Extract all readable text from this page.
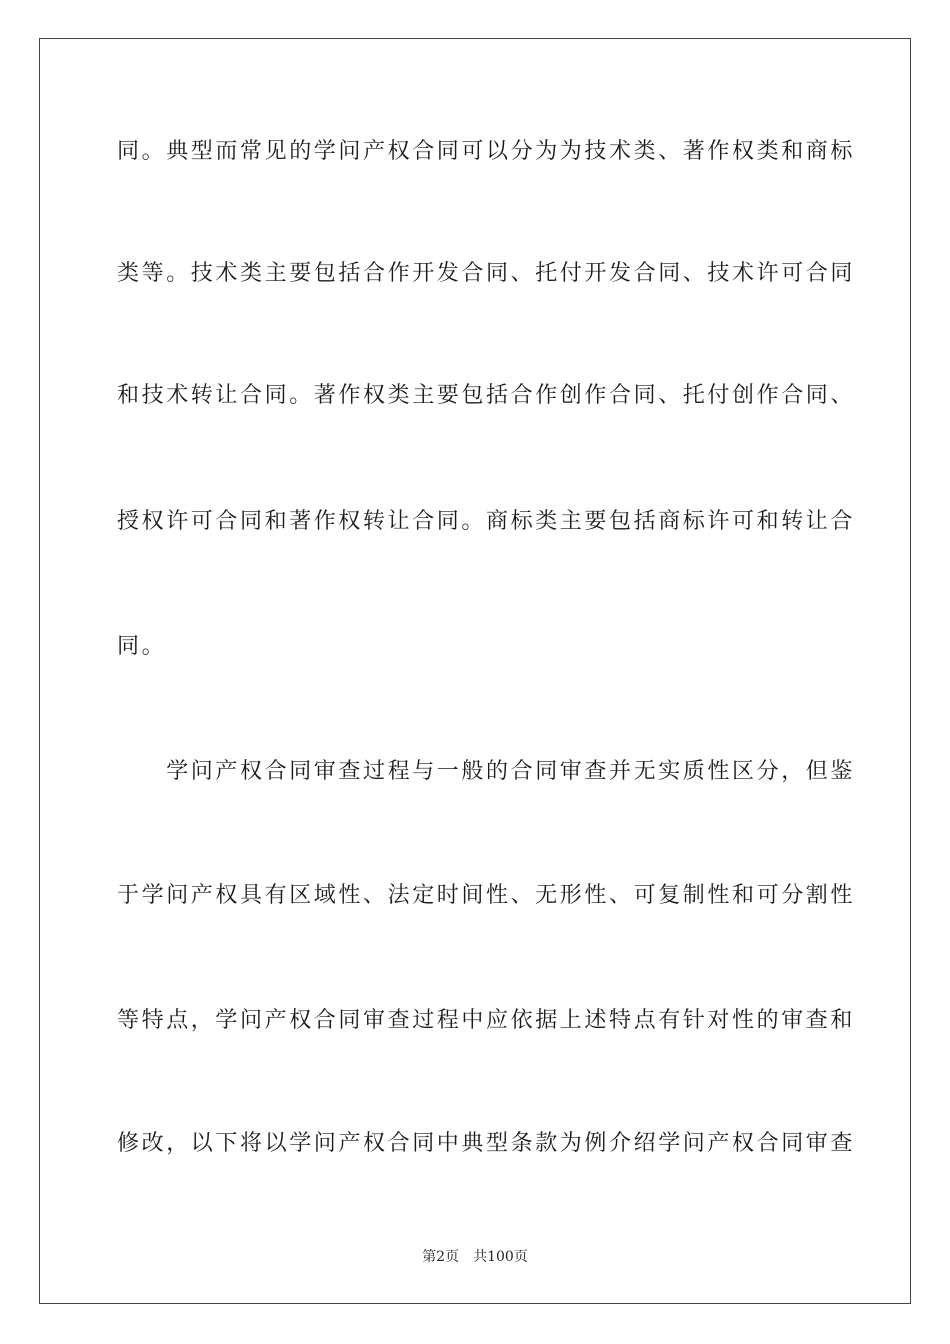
同。典型而常见的学问产权合同可以分为为技术类、著作权类和商标
类等。技术类主要包括合作开发合同、托付开发合同、技术许可合同
和技术转让合同。著作权类主要包括合作创作合同、托付创作合同、
授权许可合同和著作权转让合同。商标类主要包括商标许可和转让合
同。
　　学问产权合同审查过程与一般的合同审查并无实质性区分，但鉴
于学问产权具有区域性、法定时间性、无形性、可复制性和可分割性
等特点，学问产权合同审查过程中应依据上述特点有针对性的审查和
修改，以下将以学问产权合同中典型条款为例介绍学问产权合同审查
第2页 共100页
